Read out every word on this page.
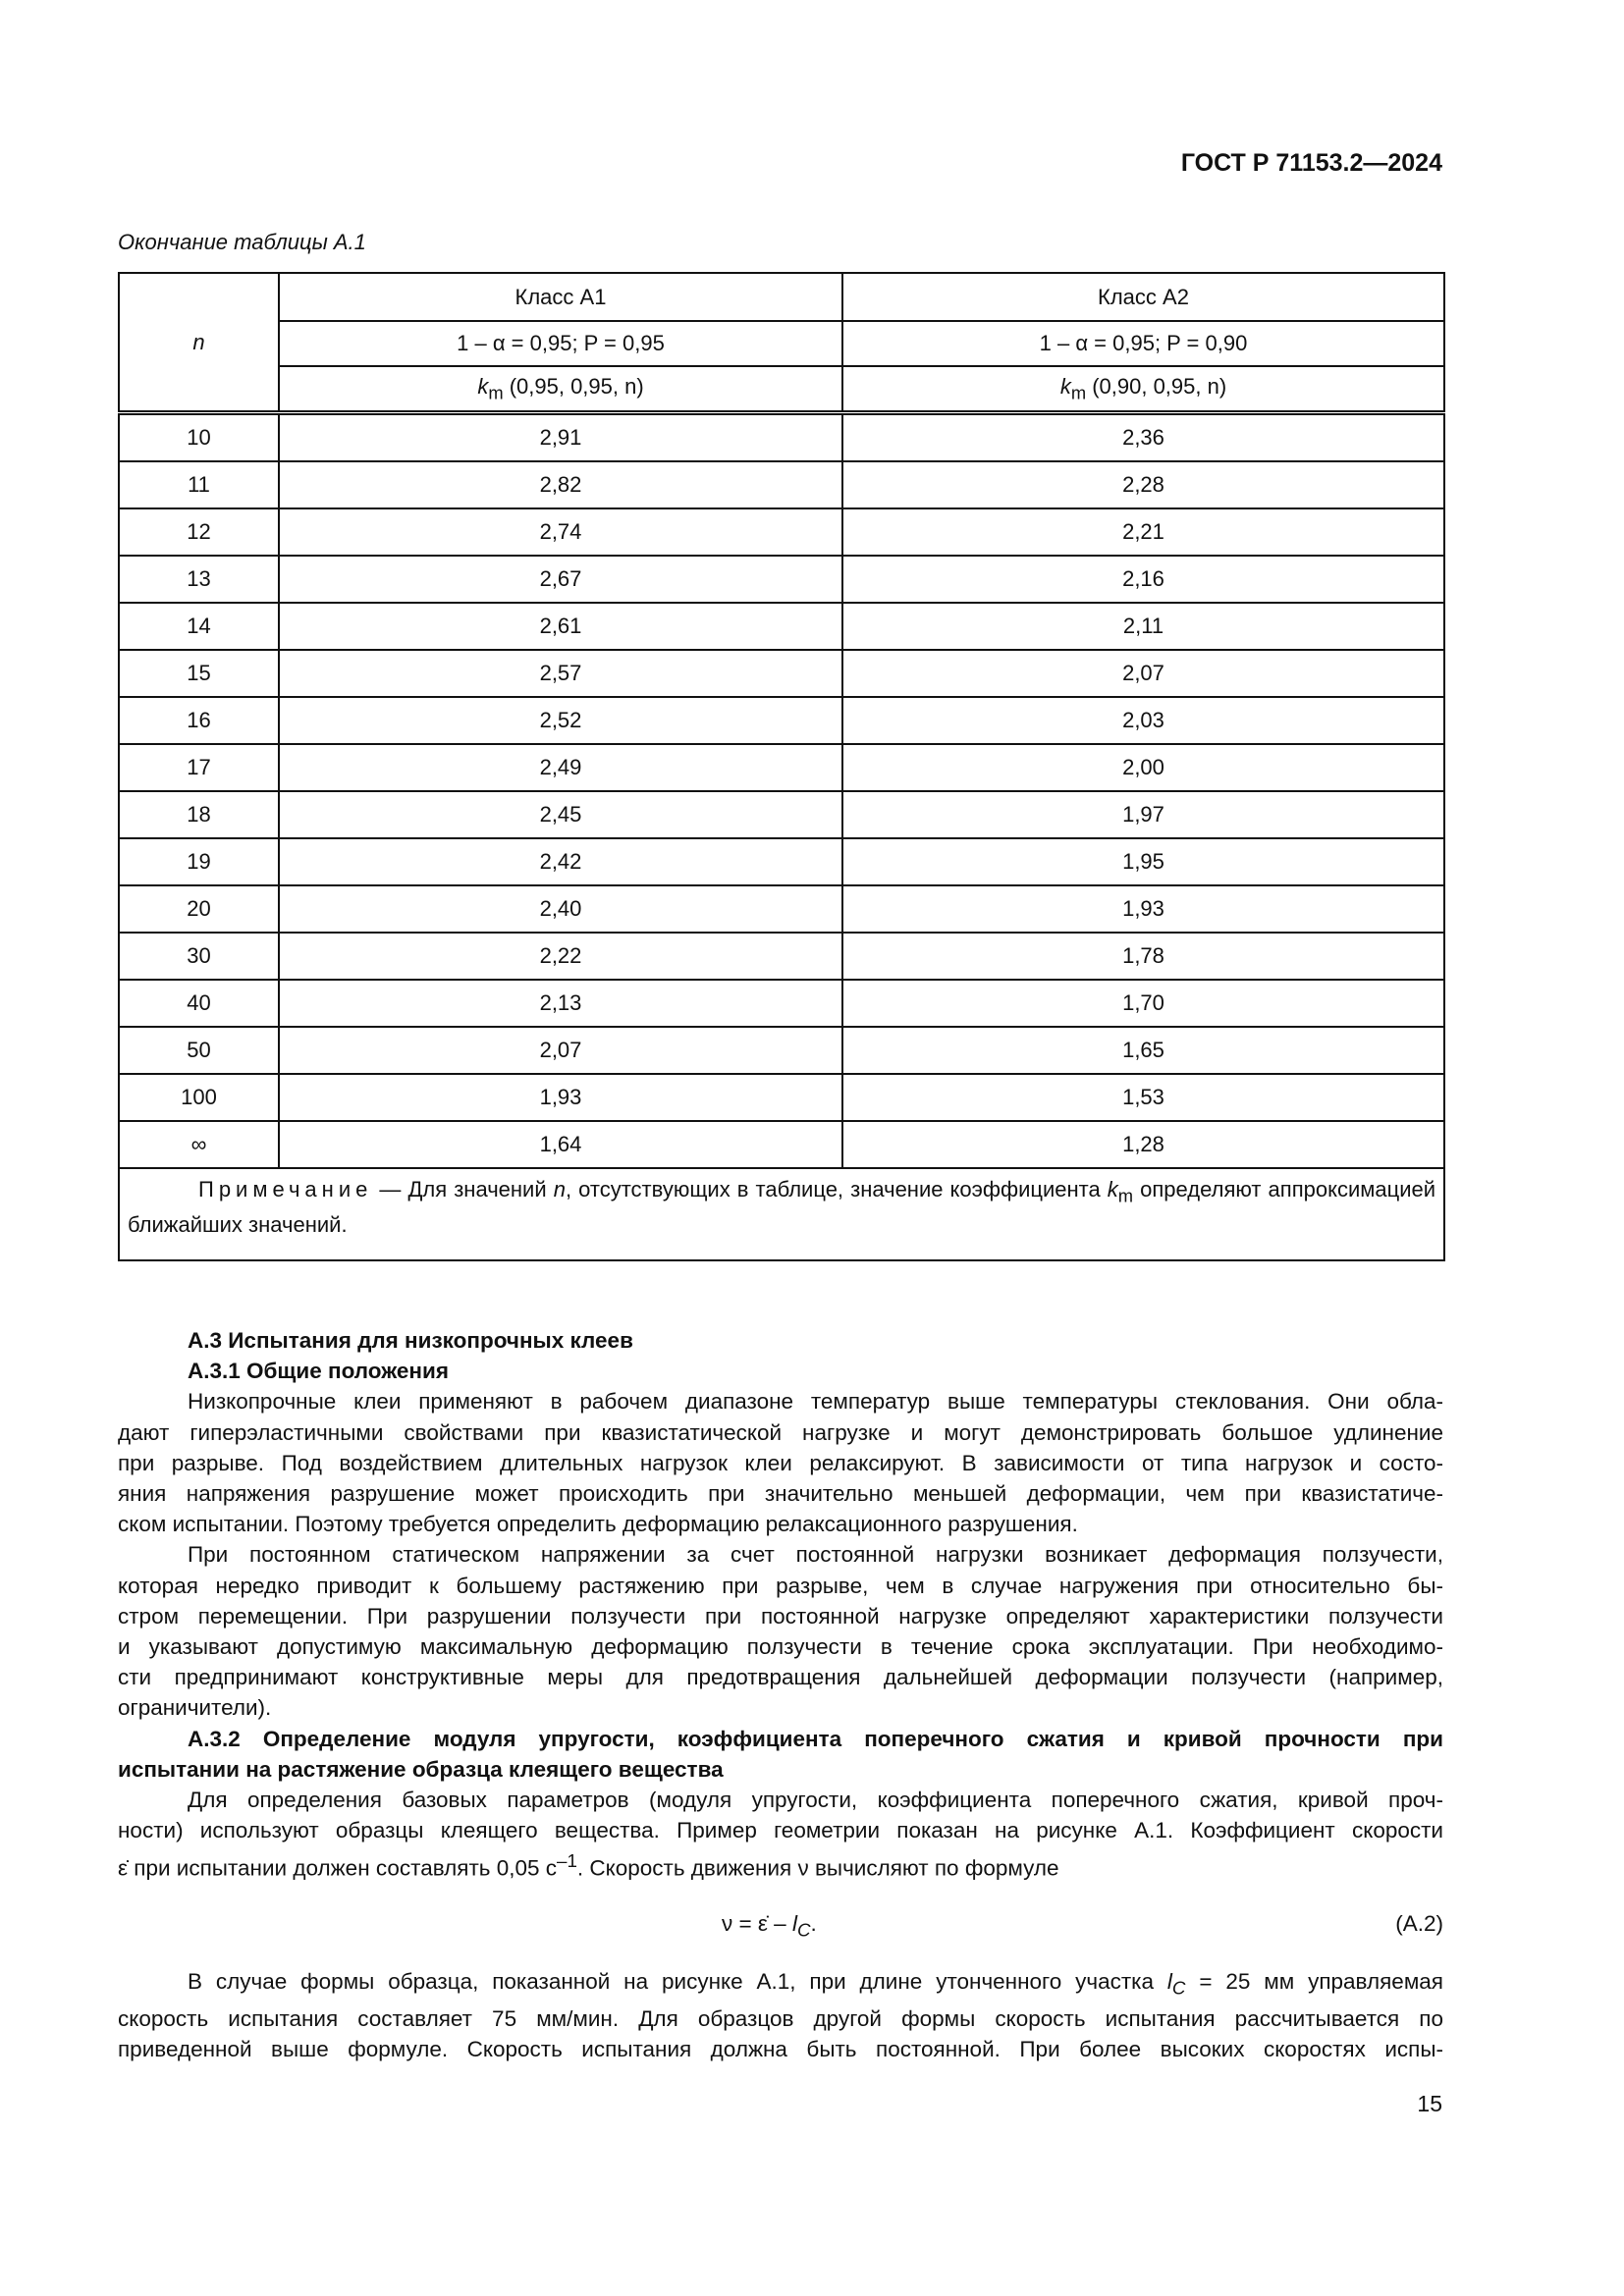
ГОСТ Р 71153.2—2024
Окончание таблицы А.1
n	Класс А1	Класс А2
	1 – α = 0,95; P = 0,95	1 – α = 0,95; P = 0,90
	$k_m$ (0,95, 0,95, n)	$k_m$ (0,90, 0,95, n)
10	2,91	2,36
11	2,82	2,28
12	2,74	2,21
13	2,67	2,16
14	2,61	2,11
15	2,57	2,07
16	2,52	2,03
17	2,49	2,00
18	2,45	1,97
19	2,42	1,95
20	2,40	1,93
30	2,22	1,78
40	2,13	1,70
50	2,07	1,65
100	1,93	1,53
∞	1,64	1,28
Примечание — Для значений n, отсутствующих в таблице, значение коэффициента $k_m$ определяют аппроксимацией ближайших значений.		
А.3 Испытания для низкопрочных клеев
А.3.1 Общие положения
Низкопрочные клеи применяют в рабочем диапазоне температур выше температуры стеклования. Они обла-
дают гиперэластичными свойствами при квазистатической нагрузке и могут демонстрировать большое удлинение
при разрыве. Под воздействием длительных нагрузок клеи релаксируют. В зависимости от типа нагрузок и состо-
яния напряжения разрушение может происходить при значительно меньшей деформации, чем при квазистатиче-
ском испытании. Поэтому требуется определить деформацию релаксационного разрушения.
При постоянном статическом напряжении за счет постоянной нагрузки возникает деформация ползучести,
которая нередко приводит к большему растяжению при разрыве, чем в случае нагружения при относительно бы-
стром перемещении. При разрушении ползучести при постоянной нагрузке определяют характеристики ползучести
и указывают допустимую максимальную деформацию ползучести в течение срока эксплуатации. При необходимо-
сти предпринимают конструктивные меры для предотвращения дальнейшей деформации ползучести (например,
ограничители).
А.3.2 Определение модуля упругости, коэффициента поперечного сжатия и кривой прочности при
испытании на растяжение образца клеящего вещества
Для определения базовых параметров (модуля упругости, коэффициента поперечного сжатия, кривой проч-
ности) используют образцы клеящего вещества. Пример геометрии показан на рисунке А.1. Коэффициент скорости
ε̇ при испытании должен составлять 0,05 $с^{-1}$. Скорость движения ν вычисляют по формуле
ν = ε̇ – $l_C$.	(А.2)
В случае формы образца, показанной на рисунке А.1, при длине утонченного участка $l_C = 25$ мм управляемая
скорость испытания составляет 75 мм/мин. Для образцов другой формы скорость испытания рассчитывается по
приведенной выше формуле. Скорость испытания должна быть постоянной. При более высоких скоростях испы-
15
